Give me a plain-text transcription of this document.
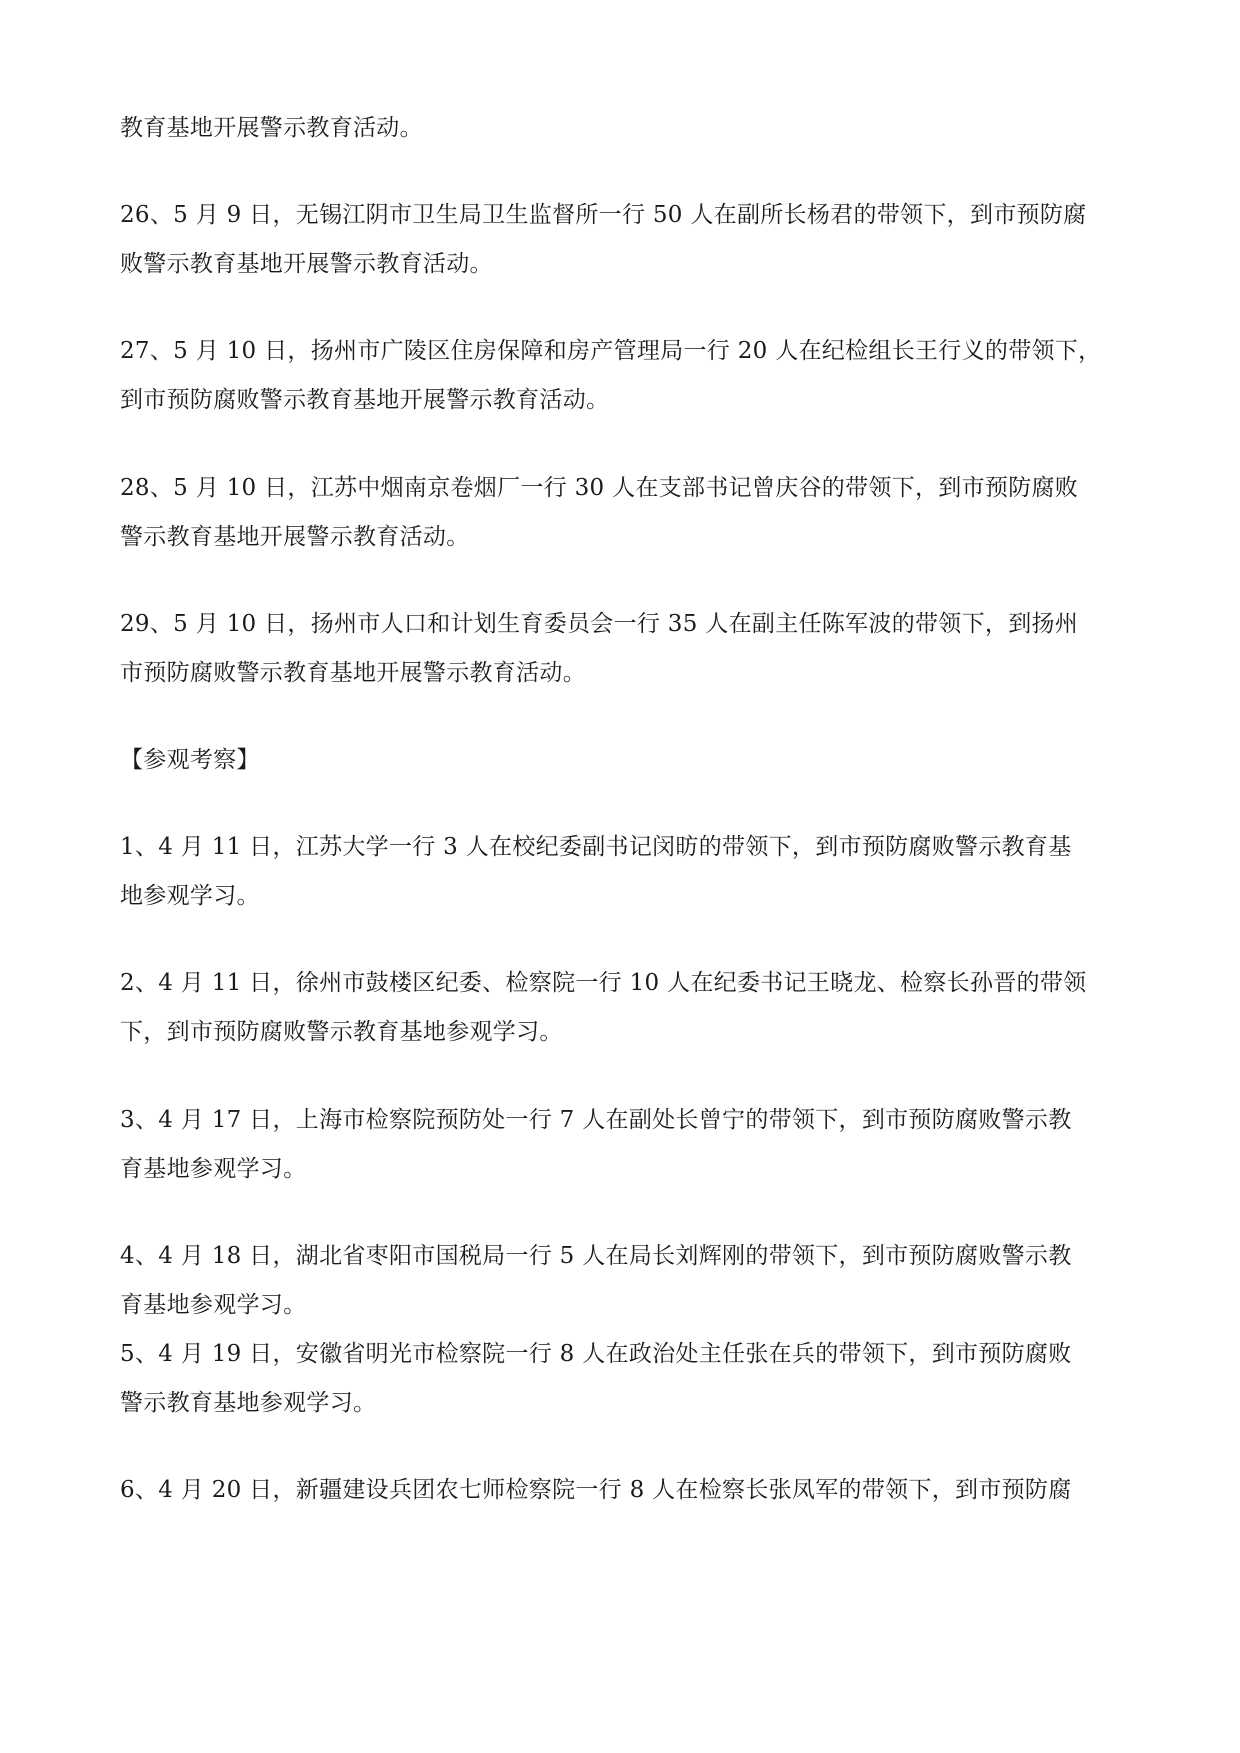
教育基地开展警示教育活动。
26、5 月 9 日，无锡江阴市卫生局卫生监督所一行 50 人在副所长杨君的带领下，到市预防腐
败警示教育基地开展警示教育活动。
27、5 月 10 日，扬州市广陵区住房保障和房产管理局一行 20 人在纪检组长王行义的带领下，
到市预防腐败警示教育基地开展警示教育活动。
28、5 月 10 日，江苏中烟南京卷烟厂一行 30 人在支部书记曾庆谷的带领下，到市预防腐败
警示教育基地开展警示教育活动。
29、5 月 10 日，扬州市人口和计划生育委员会一行 35 人在副主任陈军波的带领下，到扬州
市预防腐败警示教育基地开展警示教育活动。
【参观考察】
1、4 月 11 日，江苏大学一行 3 人在校纪委副书记闵昉的带领下，到市预防腐败警示教育基
地参观学习。
2、4 月 11 日，徐州市鼓楼区纪委、检察院一行 10 人在纪委书记王晓龙、检察长孙晋的带领
下，到市预防腐败警示教育基地参观学习。
3、4 月 17 日，上海市检察院预防处一行 7 人在副处长曾宁的带领下，到市预防腐败警示教
育基地参观学习。
4、4 月 18 日，湖北省枣阳市国税局一行 5 人在局长刘辉刚的带领下，到市预防腐败警示教
育基地参观学习。
5、4 月 19 日，安徽省明光市检察院一行 8 人在政治处主任张在兵的带领下，到市预防腐败
警示教育基地参观学习。
6、4 月 20 日，新疆建设兵团农七师检察院一行 8 人在检察长张凤军的带领下，到市预防腐
